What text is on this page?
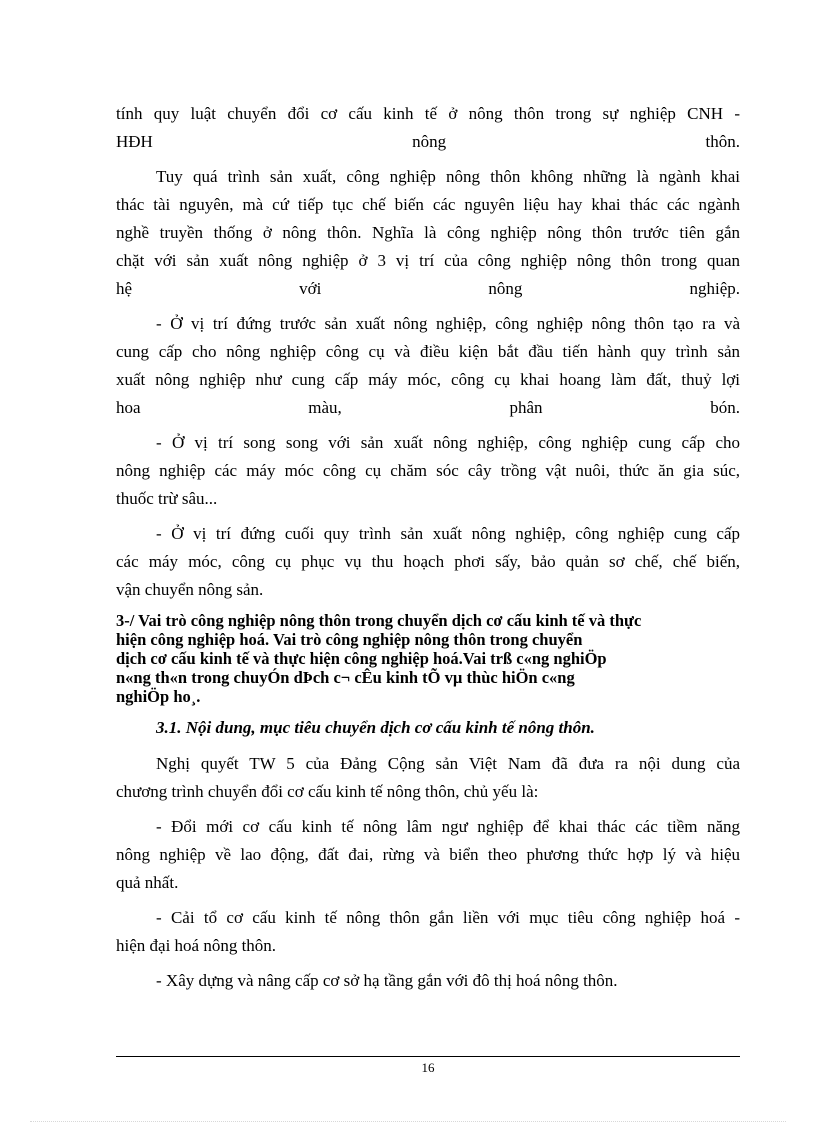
tính quy luật chuyển đổi cơ cấu kinh tế ở nông thôn trong sự nghiệp CNH -

HĐH nông thôn.

Tuy quá trình sản xuất, công nghiệp nông thôn không những là ngành khai

thác tài nguyên, mà cứ tiếp tục chế biến các nguyên liệu hay khai thác các ngành

nghề truyền thống ở nông thôn. Nghĩa là công nghiệp nông thôn trước tiên gắn

chặt với sản xuất nông nghiệp ở 3 vị trí của công nghiệp nông thôn trong quan

hệ với nông nghiệp.

- Ở vị trí đứng trước sản xuất nông nghiệp, công nghiệp nông thôn tạo ra và

cung cấp cho nông nghiệp công cụ và điều kiện bắt đầu tiến hành quy trình sản

xuất nông nghiệp như cung cấp máy móc, công cụ khai hoang làm đất, thuỷ lợi

hoa màu, phân bón.

- Ở vị trí song song với sản xuất nông nghiệp, công nghiệp cung cấp cho

nông nghiệp các máy móc công cụ chăm sóc cây trồng vật nuôi, thức ăn gia súc,

thuốc trừ sâu...

- Ở vị trí đứng cuối quy trình sản xuất nông nghiệp, công nghiệp cung cấp

các máy móc, công cụ phục vụ thu hoạch phơi sấy, bảo quản sơ chế, chế biến,

vận chuyển nông sản.

3-/ Vai trò công nghiệp nông thôn trong chuyển dịch cơ cấu kinh tế và thực
hiện công nghiệp hoá. Vai trò công nghiệp nông thôn trong chuyển
dịch cơ cấu kinh tế và thực hiện công nghiệp hoá.Vai trß c«ng nghiÖp
n«ng th«n trong chuyÓn dÞch c¬ cÊu kinh tÕ vµ thùc hiÖn c«ng
nghiÖp ho¸.

3.1. Nội dung, mục tiêu chuyển dịch cơ cấu kinh tế nông thôn.

Nghị quyết TW 5 của Đảng Cộng sản Việt Nam đã đưa ra nội dung của

chương trình chuyển đổi cơ cấu kinh tế nông thôn, chủ yếu là:

- Đổi mới cơ cấu kinh tế nông lâm ngư nghiệp để khai thác các tiềm năng

nông nghiệp về lao động, đất đai, rừng và biển theo phương thức hợp lý và hiệu

quả nhất.

- Cải tổ cơ cấu kinh tế nông thôn gắn liền với mục tiêu công nghiệp hoá -

hiện đại hoá nông thôn.

- Xây dựng và nâng cấp cơ sở hạ tầng gắn với đô thị hoá nông thôn.

16
